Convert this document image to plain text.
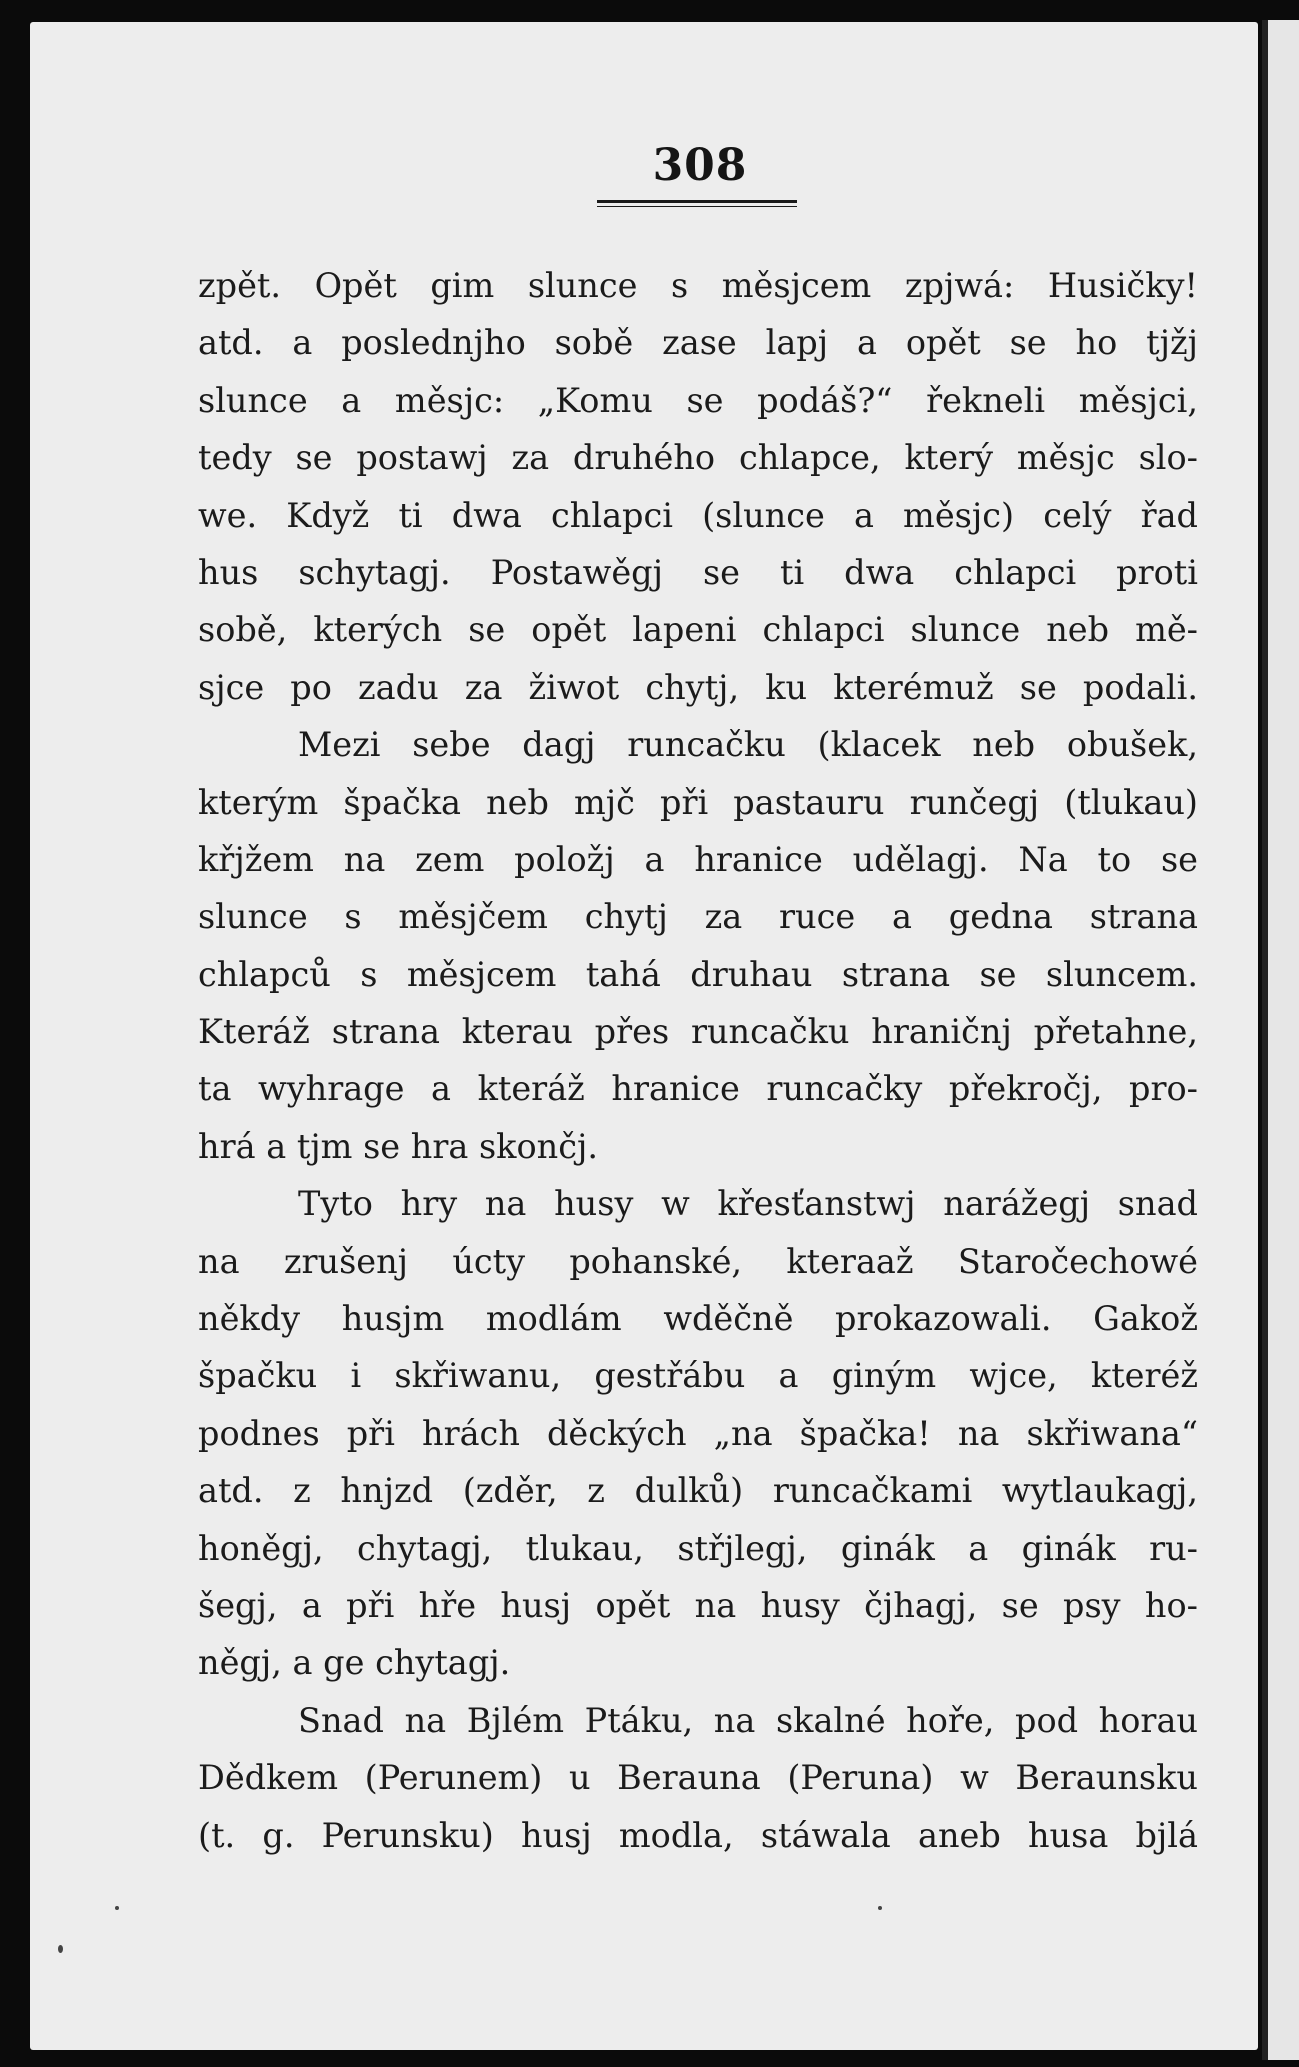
308
zpět. Opět gim slunce s měsjcem zpjwá: Husičky!
atd. a poslednjho sobě zase lapj a opět se ho tjžj
slunce a měsjc: „Komu se podáš?“ řekneli měsjci,
tedy se postawj za druhého chlapce, který měsjc slo-
we. Když ti dwa chlapci (slunce a měsjc) celý řad
hus schytagj. Postawěgj se ti dwa chlapci proti
sobě, kterých se opět lapeni chlapci slunce neb mě-
sjce po zadu za žiwot chytj, ku kterémuž se podali.
Mezi sebe dagj runcačku (klacek neb obušek,
kterým špačka neb mjč při pastauru runčegj (tlukau)
křjžem na zem položj a hranice udělagj. Na to se
slunce s měsjčem chytj za ruce a gedna strana
chlapců s měsjcem tahá druhau strana se sluncem.
Kteráž strana kterau přes runcačku hraničnj přetahne,
ta wyhrage a kteráž hranice runcačky překročj, pro-
hrá a tjm se hra skončj.
Tyto hry na husy w křesťanstwj narážegj snad
na zrušenj úcty pohanské, kteraaž Staročechowé
někdy husjm modlám wděčně prokazowali. Gakož
špačku i skřiwanu, gestřábu a giným wjce, kteréž
podnes při hrách děckých „na špačka! na skřiwana“
atd. z hnjzd (zděr, z dulků) runcačkami wytlaukagj,
honěgj, chytagj, tlukau, střjlegj, ginák a ginák ru-
šegj, a při hře husj opět na husy čjhagj, se psy ho-
něgj, a ge chytagj.
Snad na Bjlém Ptáku, na skalné hoře, pod horau
Dědkem (Perunem) u Berauna (Peruna) w Beraunsku
(t. g. Perunsku) husj modla, stáwala aneb husa bjlá
